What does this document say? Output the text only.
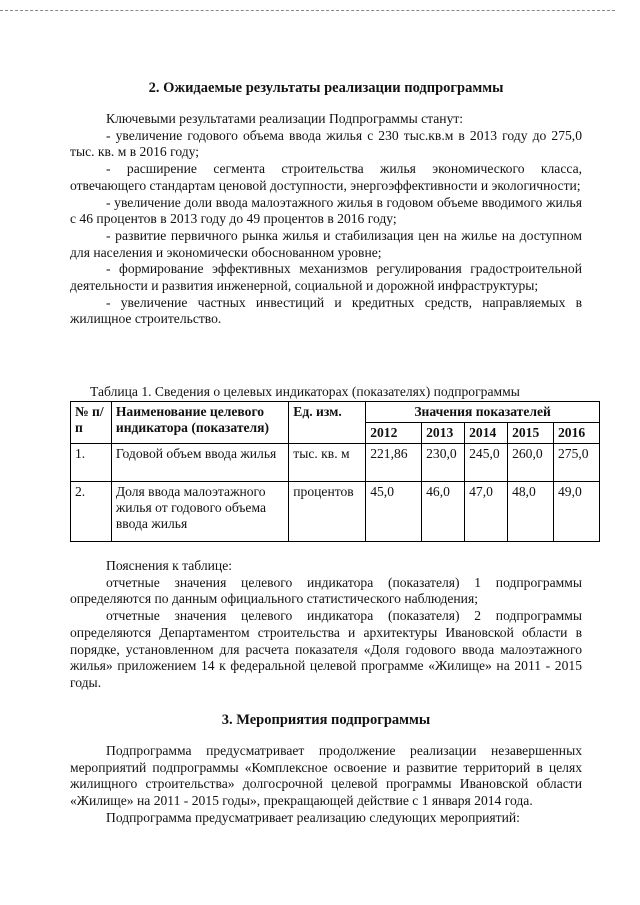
2. Ожидаемые результаты реализации подпрограммы

Ключевыми результатами реализации Подпрограммы станут:

- увеличение годового объема ввода жилья с 230 тыс.кв.м в 2013 году до 275,0 тыс. кв. м в 2016 году;

- расширение сегмента строительства жилья экономического класса, отвечающего стандартам ценовой доступности, энергоэффективности и экологичности;

- увеличение доли ввода малоэтажного жилья в годовом объеме вводимого жилья с 46 процентов в 2013 году до 49 процентов в 2016 году;

- развитие первичного рынка жилья и стабилизация цен на жилье на доступном для населения и экономически обоснованном уровне;

- формирование эффективных механизмов регулирования градостроительной деятельности и развития инженерной, социальной и дорожной инфраструктуры;

- увеличение частных инвестиций и кредитных средств, направляемых в жилищное строительство.

Таблица 1. Сведения о целевых индикаторах (показателях) подпрограммы
№ п/п	Наименование целевого индикатора (показателя)	Ед. изм.	Значения показателей				
			2012	2013	2014	2015	2016
1.	Годовой объем ввода жилья	тыс. кв. м	221,86	230,0	245,0	260,0	275,0
2.	Доля ввода малоэтажного жилья от годового объема ввода жилья	процентов	45,0	46,0	47,0	48,0	49,0

Пояснения к таблице:

отчетные значения целевого индикатора (показателя) 1 подпрограммы определяются по данным официального статистического наблюдения;

отчетные значения целевого индикатора (показателя) 2 подпрограммы определяются Департаментом строительства и архитектуры Ивановской области в порядке, установленном для расчета показателя «Доля годового ввода малоэтажного жилья» приложением 14 к федеральной целевой программе «Жилище» на 2011 - 2015 годы.

3. Мероприятия подпрограммы

Подпрограмма предусматривает продолжение реализации незавершенных мероприятий подпрограммы «Комплексное освоение и развитие территорий в целях жилищного строительства» долгосрочной целевой программы Ивановской области «Жилище» на 2011 - 2015 годы», прекращающей действие с 1 января 2014 года.

Подпрограмма предусматривает реализацию следующих мероприятий:
